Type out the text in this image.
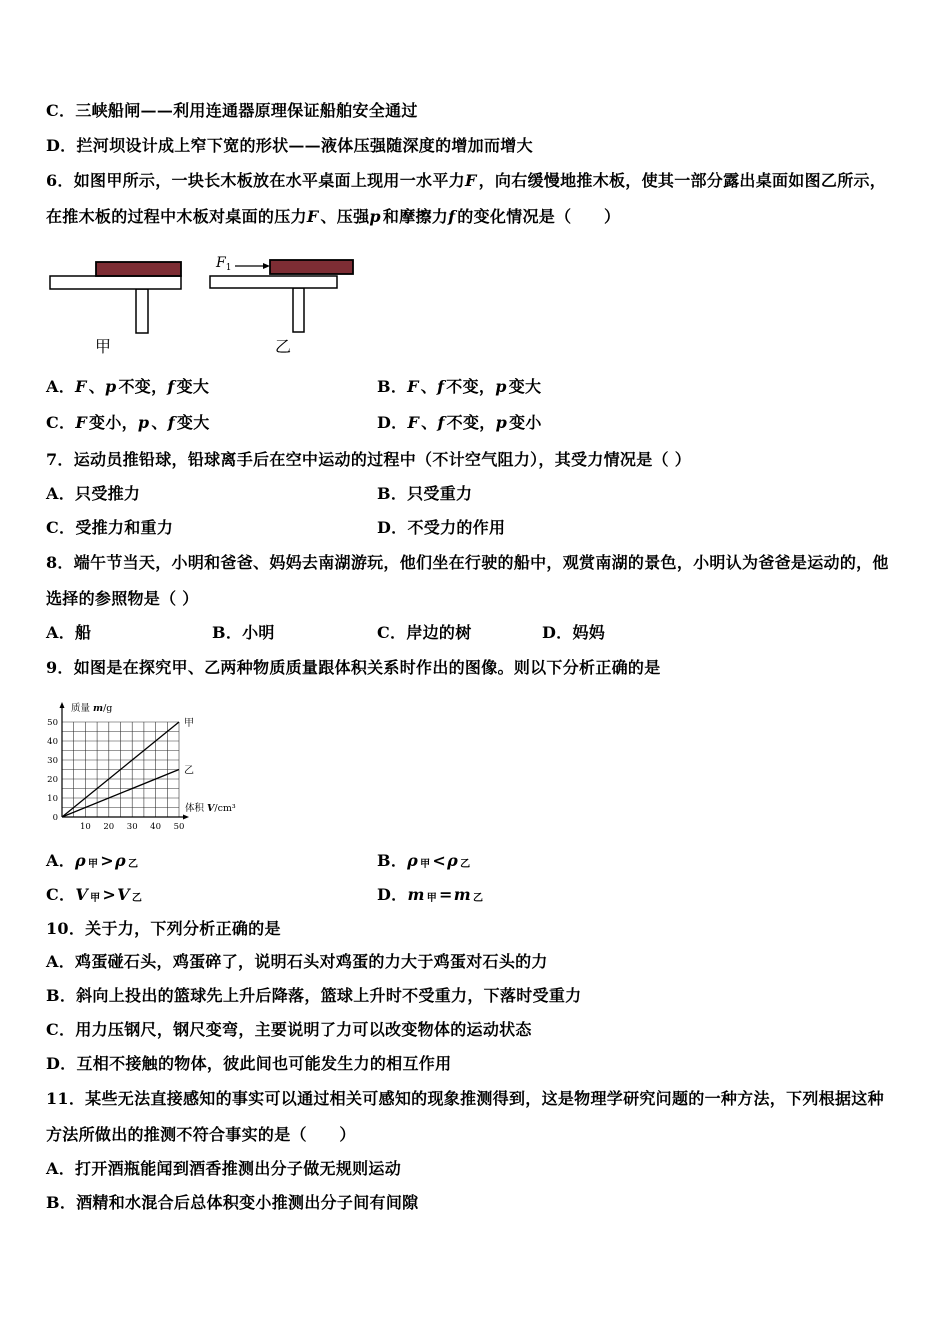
C．三峡船闸——利用连通器原理保证船舶安全通过
D．拦河坝设计成上窄下宽的形状——液体压强随深度的增加而增大
6．如图甲所示，一块长木板放在水平桌面上现用一水平力F ，向右缓慢地推木板，使其一部分露出桌面如图乙所示，
在推木板的过程中木板对桌面的压力F 、压强p 和摩擦力f 的变化情况是（　　）
甲
$F_1$
乙
A．F 、p 不变，f 变大	B．F 、f 不变，p 变大
C．F 变小，p 、f 变大	D．F 、f 不变，p 变小
7．运动员推铅球，铅球离手后在空中运动的过程中（不计空气阻力），其受力情况是（ ）
A．只受推力	B．只受重力
C．受推力和重力	D．不受力的作用
8．端午节当天，小明和爸爸、妈妈去南湖游玩，他们坐在行驶的船中，观赏南湖的景色，小明认为爸爸是运动的，他
选择的参照物是（ ）
A．船	B．小明	C．岸边的树	D．妈妈
9．如图是在探究甲、乙两种物质质量跟体积关系时作出的图像。则以下分析正确的是
0
10
20
30
40
50
10 20 30 40 50
甲
乙
质量 m/g
体积 V/cm³
A．ρ 甲 >ρ 乙	B．ρ 甲 <ρ 乙
C．V 甲 >V 乙	D．m 甲 =m 乙
10．关于力，下列分析正确的是
A．鸡蛋碰石头，鸡蛋碎了，说明石头对鸡蛋的力大于鸡蛋对石头的力
B．斜向上投出的篮球先上升后降落，篮球上升时不受重力，下落时受重力
C．用力压钢尺，钢尺变弯，主要说明了力可以改变物体的运动状态
D．互相不接触的物体，彼此间也可能发生力的相互作用
11．某些无法直接感知的事实可以通过相关可感知的现象推测得到，这是物理学研究问题的一种方法，下列根据这种
方法所做出的推测不符合事实的是（　　）
A．打开酒瓶能闻到酒香推测出分子做无规则运动
B．酒精和水混合后总体积变小推测出分子间有间隙
